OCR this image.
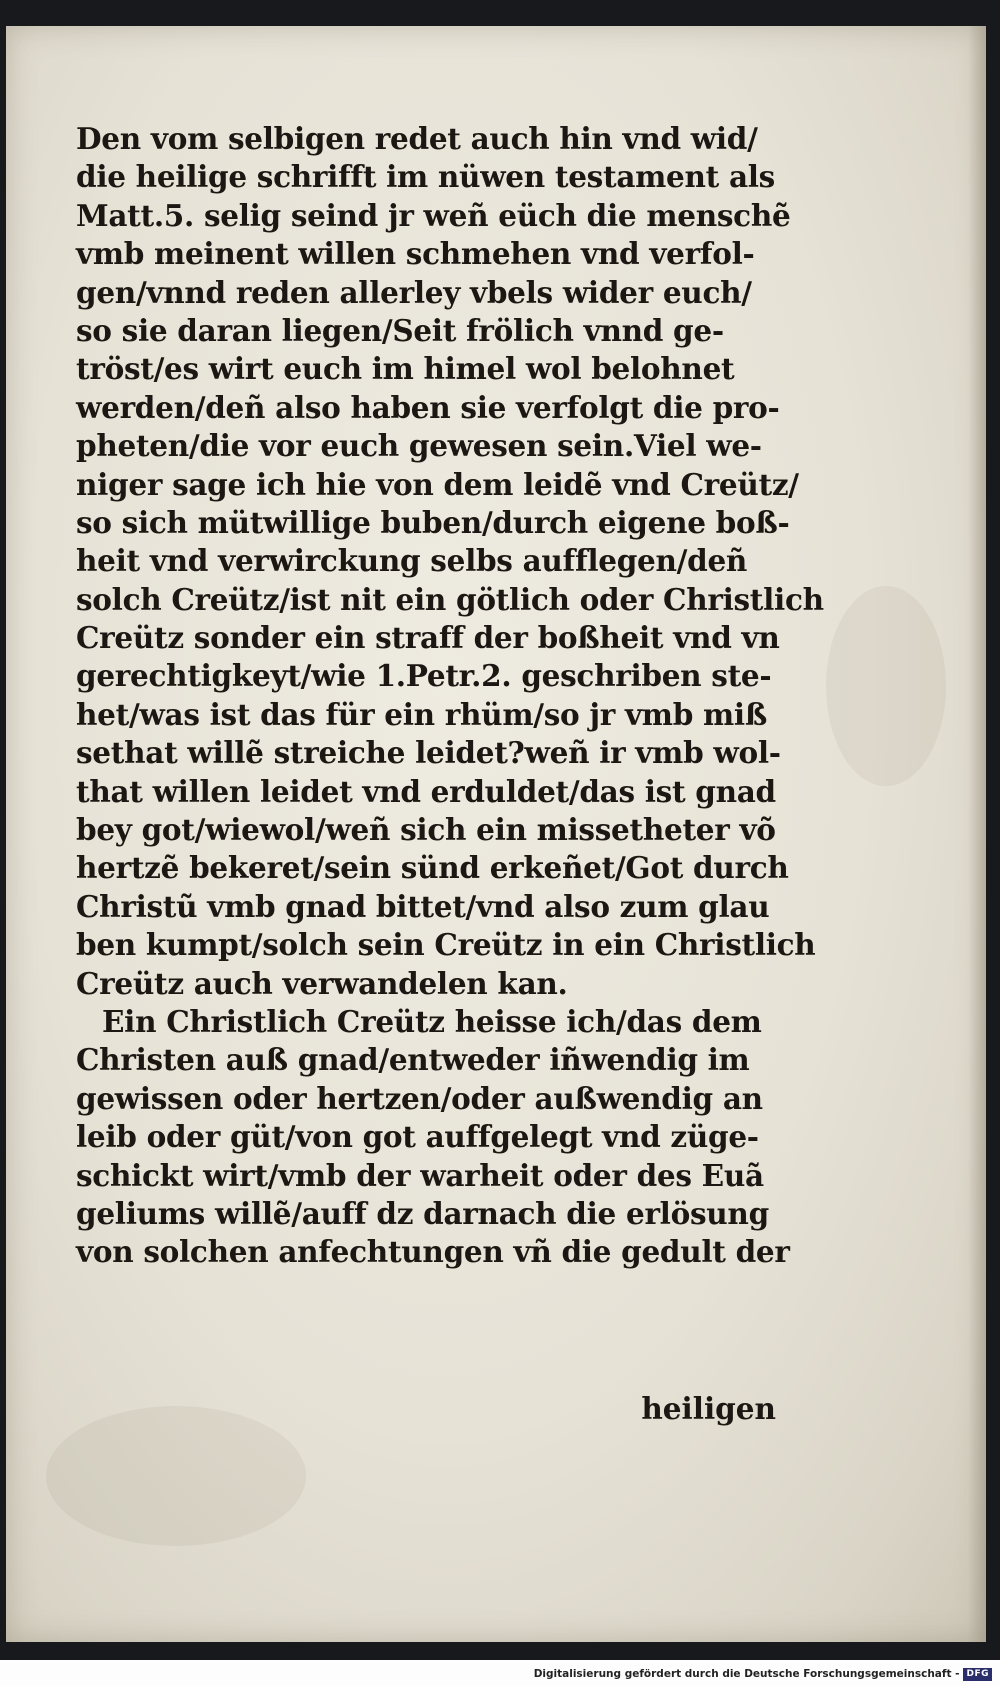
Den vom selbigen redet auch hin vnd wid/
die heilige schrifft im nüwen testament als
Matt.5. selig seind jr weñ eüch die menschẽ
vmb meinent willen schmehen vnd verfol-
gen/vnnd reden allerley vbels wider euch/
so sie daran liegen/Seit frölich vnnd ge-
tröst/es wirt euch im himel wol belohnet
werden/deñ also haben sie verfolgt die pro-
pheten/die vor euch gewesen sein.Viel we-
niger sage ich hie von dem leidẽ vnd Creütz/
so sich mütwillige buben/durch eigene boß-
heit vnd verwirckung selbs aufflegen/deñ
solch Creütz/ist nit ein götlich oder Christlich
Creütz sonder ein straff der boßheit vnd vn
gerechtigkeyt/wie 1.Petr.2. geschriben ste-
het/was ist das für ein rhüm/so jr vmb miß
sethat willẽ streiche leidet?weñ ir vmb wol-
that willen leidet vnd erduldet/das ist gnad
bey got/wiewol/weñ sich ein missetheter võ
hertzẽ bekeret/sein sünd erkeñet/Got durch
Christũ vmb gnad bittet/vnd also zum glau
ben kumpt/solch sein Creütz in ein Christlich
Creütz auch verwandelen kan.
Ein Christlich Creütz heisse ich/das dem
Christen auß gnad/entweder iñwendig im
gewissen oder hertzen/oder außwendig an
leib oder güt/von got auffgelegt vnd züge-
schickt wirt/vmb der warheit oder des Euã
geliums willẽ/auff dz darnach die erlösung
von solchen anfechtungen vñ die gedult der
heiligen
Digitalisierung gefördert durch die Deutsche Forschungsgemeinschaft - DFG
